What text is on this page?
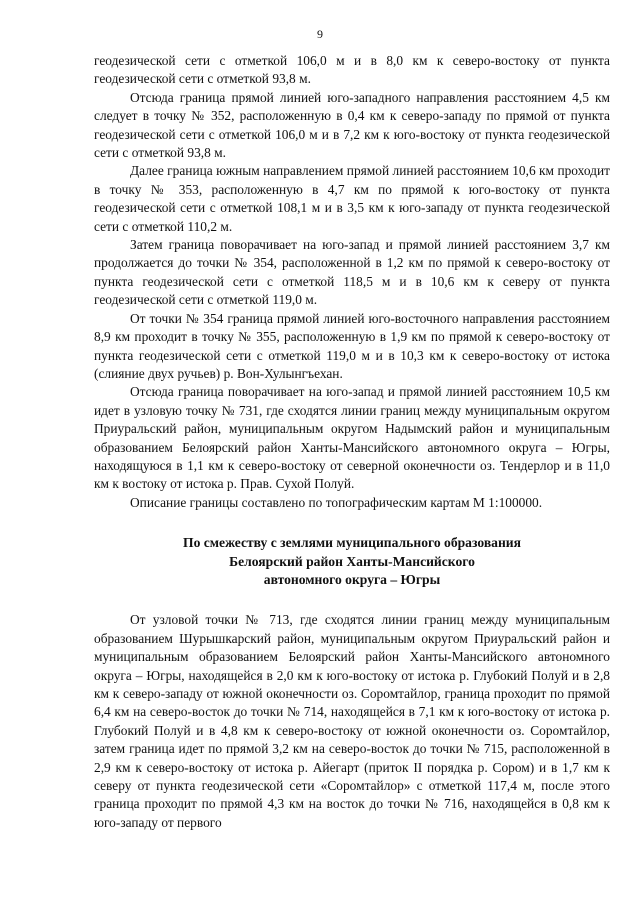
9

геодезической сети с отметкой 106,0 м и в 8,0 км к северо-востоку от пункта геодезической сети с отметкой 93,8 м.

Отсюда граница прямой линией юго-западного направления расстоянием 4,5 км следует в точку № 352, расположенную в 0,4 км к северо-западу по прямой от пункта геодезической сети с отметкой 106,0 м и в 7,2 км к юго-востоку от пункта геодезической сети с отметкой 93,8 м.

Далее граница южным направлением прямой линией расстоянием 10,6 км проходит в точку № 353, расположенную в 4,7 км по прямой к юго-востоку от пункта геодезической сети с отметкой 108,1 м и в 3,5 км к юго-западу от пункта геодезической сети с отметкой 110,2 м.

Затем граница поворачивает на юго-запад и прямой линией расстоянием 3,7 км продолжается до точки № 354, расположенной в 1,2 км по прямой к северо-востоку от пункта геодезической сети с отметкой 118,5 м и в 10,6 км к северу от пункта геодезической сети с отметкой 119,0 м.

От точки № 354 граница прямой линией юго-восточного направления расстоянием 8,9 км проходит в точку № 355, расположенную в 1,9 км по прямой к северо-востоку от пункта геодезической сети с отметкой 119,0 м и в 10,3 км к северо-востоку от истока (слияние двух ручьев) р. Вон-Хулынгъехан.

Отсюда граница поворачивает на юго-запад и прямой линией расстоянием 10,5 км идет в узловую точку № 731, где сходятся линии границ между муниципальным округом Приуральский район, муниципальным округом Надымский район и муниципальным образованием Белоярский район Ханты-Мансийского автономного округа – Югры, находящуюся в 1,1 км к северо-востоку от северной оконечности оз. Тендерлор и в 11,0 км к востоку от истока р. Прав. Сухой Полуй.

Описание границы составлено по топографическим картам М 1:100000.

По смежеству с землями муниципального образования
Белоярский район Ханты-Мансийского
автономного округа – Югры

От узловой точки № 713, где сходятся линии границ между муниципальным образованием Шурышкарский район, муниципальным округом Приуральский район и муниципальным образованием Белоярский район Ханты-Мансийского автономного округа – Югры, находящейся в 2,0 км к юго-востоку от истока р. Глубокий Полуй и в 2,8 км к северо-западу от южной оконечности оз. Соромтайлор, граница проходит по прямой 6,4 км на северо-восток до точки № 714, находящейся в 7,1 км к юго-востоку от истока р. Глубокий Полуй и в 4,8 км к северо-востоку от южной оконечности оз. Соромтайлор, затем граница идет по прямой 3,2 км на северо-восток до точки № 715, расположенной в 2,9 км к северо-востоку от истока р. Айегарт (приток II порядка р. Сором) и в 1,7 км к северу от пункта геодезической сети «Соромтайлор» с отметкой 117,4 м, после этого граница проходит по прямой 4,3 км на восток до точки № 716, находящейся в 0,8 км к юго-западу от первого
